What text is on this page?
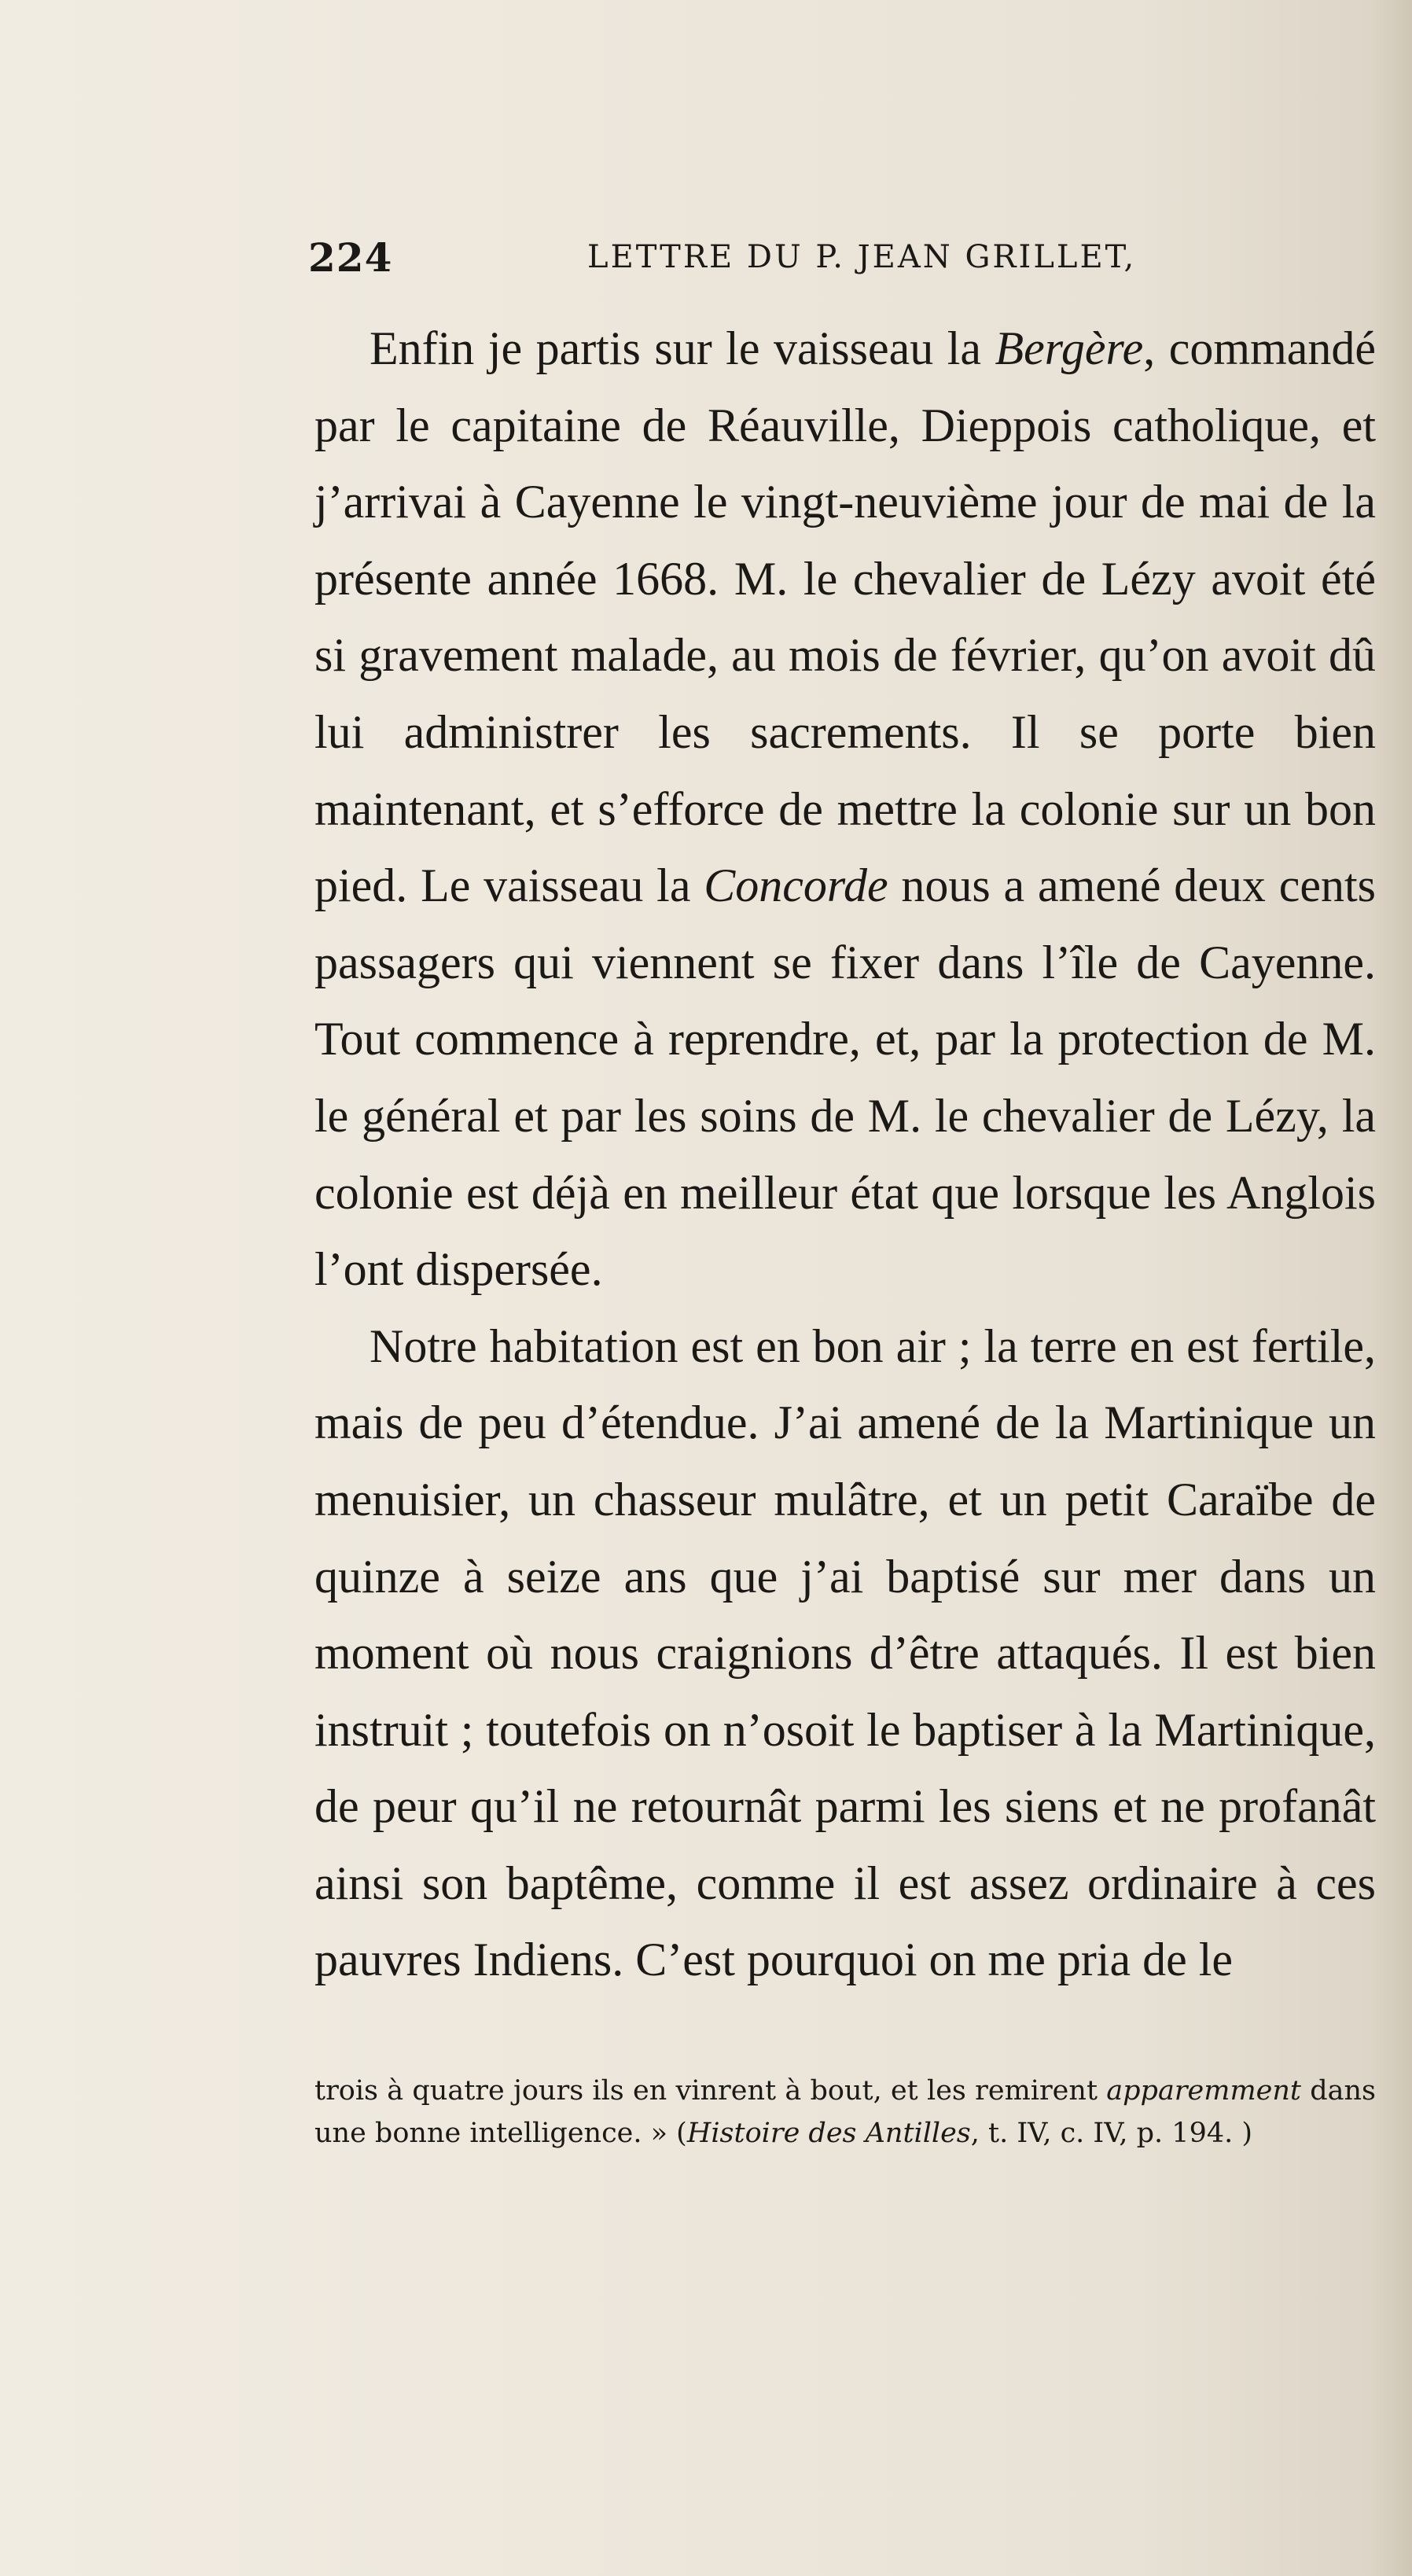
224	LETTRE DU P. JEAN GRILLET,

Enfin je partis sur le vaisseau la Bergère, commandé par le capitaine de Réauville, Dieppois catholique, et j’arrivai à Cayenne le vingt-neuvième jour de mai de la présente année 1668. M. le chevalier de Lézy avoit été si gravement malade, au mois de février, qu’on avoit dû lui administrer les sacrements. Il se porte bien maintenant, et s’efforce de mettre la colonie sur un bon pied. Le vaisseau la Concorde nous a amené deux cents passagers qui viennent se fixer dans l’île de Cayenne. Tout commence à reprendre, et, par la protection de M. le général et par les soins de M. le chevalier de Lézy, la colonie est déjà en meilleur état que lorsque les Anglois l’ont dispersée.

Notre habitation est en bon air ; la terre en est fertile, mais de peu d’étendue. J’ai amené de la Martinique un menuisier, un chasseur mulâtre, et un petit Caraïbe de quinze à seize ans que j’ai baptisé sur mer dans un moment où nous craignions d’être attaqués. Il est bien instruit ; toutefois on n’osoit le baptiser à la Martinique, de peur qu’il ne retournât parmi les siens et ne profanât ainsi son baptême, comme il est assez ordinaire à ces pauvres Indiens. C’est pourquoi on me pria de le

trois à quatre jours ils en vinrent à bout, et les remirent apparemment dans une bonne intelligence. » (Histoire des Antilles, t. IV, c. IV, p. 194. )
